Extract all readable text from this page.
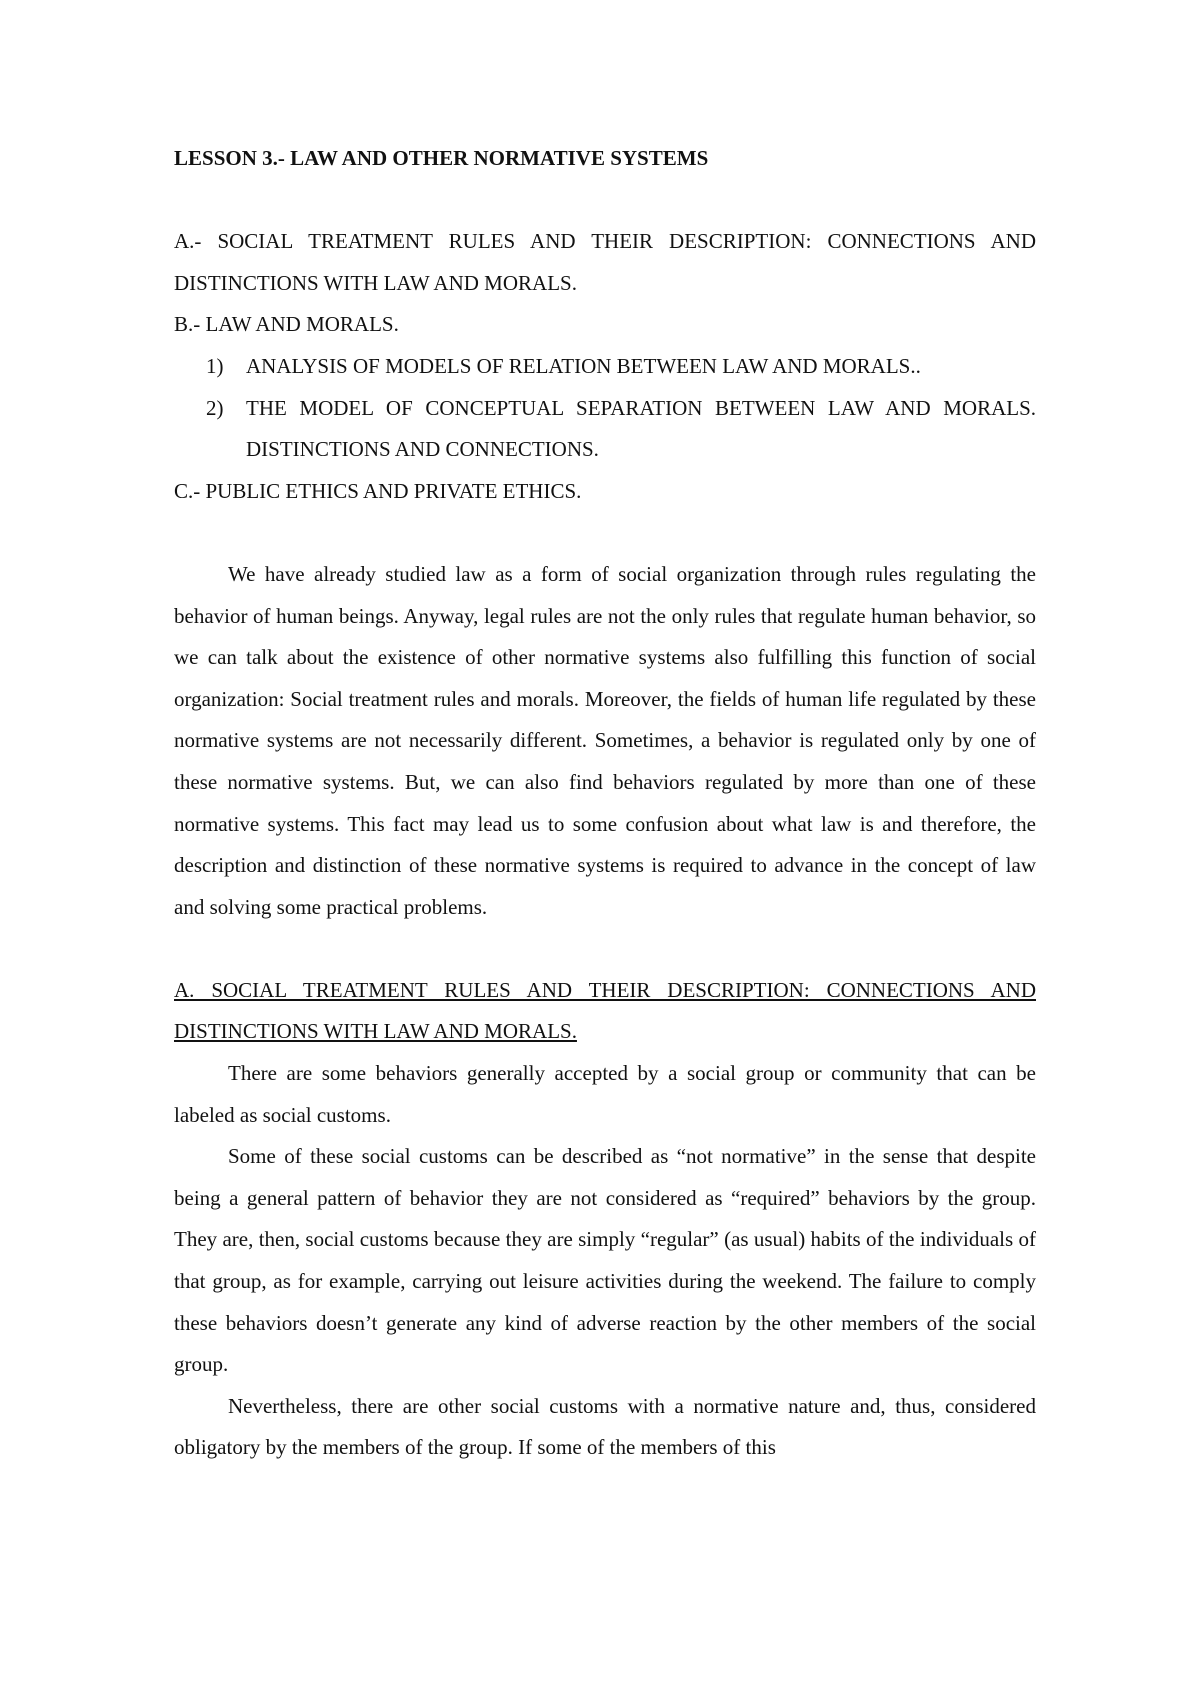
LESSON 3.- LAW AND OTHER NORMATIVE SYSTEMS

A.- SOCIAL TREATMENT RULES AND THEIR DESCRIPTION: CONNECTIONS AND DISTINCTIONS WITH LAW AND MORALS.

B.- LAW AND MORALS.

1) ANALYSIS OF MODELS OF RELATION BETWEEN LAW AND MORALS..
2) THE MODEL OF CONCEPTUAL SEPARATION BETWEEN LAW AND MORALS. DISTINCTIONS AND CONNECTIONS.

C.- PUBLIC ETHICS AND PRIVATE ETHICS.

We have already studied law as a form of social organization through rules regulating the behavior of human beings. Anyway, legal rules are not the only rules that regulate human behavior, so we can talk about the existence of other normative systems also fulfilling this function of social organization: Social treatment rules and morals. Moreover, the fields of human life regulated by these normative systems are not necessarily different. Sometimes, a behavior is regulated only by one of these normative systems. But, we can also find behaviors regulated by more than one of these normative systems. This fact may lead us to some confusion about what law is and therefore, the description and distinction of these normative systems is required to advance in the concept of law and solving some practical problems.

A. SOCIAL TREATMENT RULES AND THEIR DESCRIPTION: CONNECTIONS AND DISTINCTIONS WITH LAW AND MORALS.

There are some behaviors generally accepted by a social group or community that can be labeled as social customs.

Some of these social customs can be described as “not normative” in the sense that despite being a general pattern of behavior they are not considered as “required” behaviors by the group. They are, then, social customs because they are simply “regular” (as usual) habits of the individuals of that group, as for example, carrying out leisure activities during the weekend. The failure to comply these behaviors doesn’t generate any kind of adverse reaction by the other members of the social group.

Nevertheless, there are other social customs with a normative nature and, thus, considered obligatory by the members of the group. If some of the members of this
